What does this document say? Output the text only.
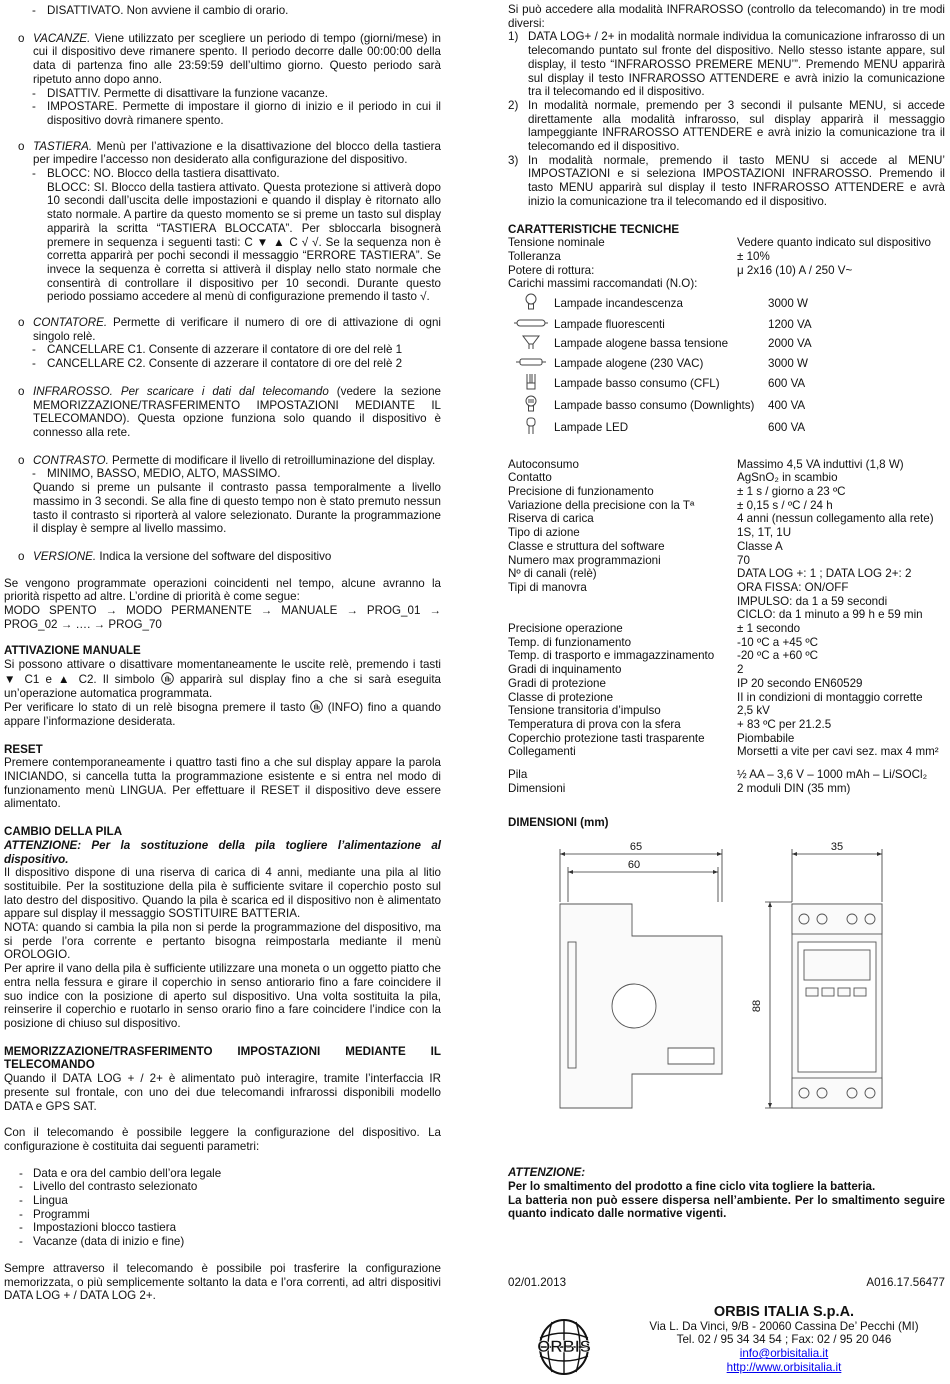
- DISATTIVATO. Non avviene il cambio di orario.
o VACANZE. Viene utilizzato per scegliere un periodo di tempo (giorni/mese) in cui il dispositivo deve rimanere spento. Il periodo decorre dalle 00:00:00 della data di partenza fino alle 23:59:59 dell’ultimo giorno. Questo periodo sarà ripetuto anno dopo anno.
- DISATTIV. Permette di disattivare la funzione vacanze.
- IMPOSTARE. Permette di impostare il giorno di inizio e il periodo in cui il dispositivo dovrà rimanere spento.
o TASTIERA. Menù per l’attivazione e la disattivazione del blocco della tastiera per impedire l’accesso non desiderato alla configurazione del dispositivo.
- BLOCC: NO. Blocco della tastiera disattivato.
BLOCC: SI. Blocco della tastiera attivato. Questa protezione si attiverà dopo 10 secondi dall’uscita delle impostazioni e quando il display è ritornato allo stato normale. A partire da questo momento se si preme un tasto sul display apparirà la scritta “TASTIERA BLOCCATA”. Per sbloccarla bisognerà premere in sequenza i seguenti tasti: C ▼ ▲ C √ √. Se la sequenza non è corretta apparirà per pochi secondi il messaggio “ERRORE TASTIERA”. Se invece la sequenza è corretta si attiverà il display nello stato normale che consentirà di controllare il dispositivo per 10 secondi. Durante questo periodo possiamo accedere al menù di configurazione premendo il tasto √.
o CONTATORE. Permette di verificare il numero di ore di attivazione di ogni singolo relè.
- CANCELLARE C1. Consente di azzerare il contatore di ore del relè 1
- CANCELLARE C2. Consente di azzerare il contatore di ore del relè 2
o INFRAROSSO. Per scaricare i dati dal telecomando (vedere la sezione MEMORIZZAZIONE/TRASFERIMENTO IMPOSTAZIONI MEDIANTE IL TELECOMANDO). Questa opzione funziona solo quando il dispositivo è connesso alla rete.
o CONTRASTO. Permette di modificare il livello di retroilluminazione del display.
- MINIMO, BASSO, MEDIO, ALTO, MASSIMO.
Quando si preme un pulsante il contrasto passa temporalmente a livello massimo in 3 secondi. Se alla fine di questo tempo non è stato premuto nessun tasto il contrasto si riporterà al valore selezionato. Durante la programmazione il display è sempre al livello massimo.
o VERSIONE. Indica la versione del software del dispositivo

Se vengono programmate operazioni coincidenti nel tempo, alcune avranno la priorità rispetto ad altre. L’ordine di priorità è come segue:

MODO SPENTO → MODO PERMANENTE → MANUALE → PROG_01 →

PROG_02 → …. → PROG_70

ATTIVAZIONE MANUALE

Si possono attivare o disattivare momentaneamente le uscite relè, premendo i tasti ▼ C1 e ▲ C2. Il simbolo  apparirà sul display fino a che si sarà eseguita un’operazione automatica programmata.

Per verificare lo stato di un relè bisogna premere il tasto  (INFO) fino a quando appare l’informazione desiderata.

RESET

Premere contemporaneamente i quattro tasti fino a che sul display appare la parola INICIANDO, si cancella tutta la programmazione esistente e si entra nel modo di funzionamento menù LINGUA. Per effettuare il RESET il dispositivo deve essere alimentato.

CAMBIO DELLA PILA

ATTENZIONE: Per la sostituzione della pila togliere l’alimentazione al dispositivo.

Il dispositivo dispone di una riserva di carica di 4 anni, mediante una pila al litio sostituibile. Per la sostituzione della pila è sufficiente svitare il coperchio posto sul lato destro del dispositivo. Quando la pila è scarica ed il dispositivo non è alimentato appare sul display il messaggio SOSTITUIRE BATTERIA.

NOTA: quando si cambia la pila non si perde la programmazione del dispositivo, ma si perde l’ora corrente e pertanto bisogna reimpostarla mediante il menù OROLOGIO.

Per aprire il vano della pila è sufficiente utilizzare una moneta o un oggetto piatto che entra nella fessura e girare il coperchio in senso antiorario fino a fare coincidere il suo indice con la posizione di aperto sul dispositivo. Una volta sostituita la pila, reinserire il coperchio e ruotarlo in senso orario fino a fare coincidere l’indice con la posizione di chiuso sul dispositivo.

MEMORIZZAZIONE/TRASFERIMENTO IMPOSTAZIONI MEDIANTE IL TELECOMANDO

Quando il DATA LOG + / 2+ è alimentato può interagire, tramite l’interfaccia IR presente sul frontale, con uno dei due telecomandi infrarossi disponibili modello DATA e GPS SAT.

Con il telecomando è possibile leggere la configurazione del dispositivo. La configurazione è costituita dai seguenti parametri:

- Data e ora del cambio dell’ora legale
- Livello del contrasto selezionato
- Lingua
- Programmi
- Impostazioni blocco tastiera
- Vacanze (data di inizio e fine)

Sempre attraverso il telecomando è possibile poi trasferire la configurazione memorizzata, o più semplicemente soltanto la data e l’ora correnti, ad altri dispositivi DATA LOG + / DATA LOG 2+.

Si può accedere alla modalità INFRAROSSO (controllo da telecomando) in tre modi diversi:

1) DATA LOG+ / 2+ in modalità normale individua la comunicazione infrarosso di un telecomando puntato sul fronte del dispositivo. Nello stesso istante appare, sul display, il testo “INFRAROSSO PREMERE MENU’”. Premendo MENU apparirà sul display il testo INFRAROSSO ATTENDERE e avrà inizio la comunicazione tra il telecomando ed il dispositivo.
2) In modalità normale, premendo per 3 secondi il pulsante MENU, si accede direttamente alla modalità infrarosso, sul display apparirà il messaggio lampeggiante INFRAROSSO ATTENDERE e avrà inizio la comunicazione tra il telecomando ed il dispositivo.
3) In modalità normale, premendo il tasto MENU si accede al MENU’ IMPOSTAZIONI e si seleziona IMPOSTAZIONI INFRAROSSO. Premendo il tasto MENU apparirà sul display il testo INFRAROSSO ATTENDERE e avrà inizio la comunicazione tra il telecomando ed il dispositivo.

CARATTERISTICHE TECNICHE

Tensione nominale	Vedere quanto indicato sul dispositivo
Tolleranza	± 10%
Potere di rottura:	μ 2x16 (10) A / 250 V~

Carichi massimi raccomandati (N.O):

	Lampade incandescenza	3000 W
	Lampade fluorescenti	1200 VA
	Lampade alogene bassa tensione	2000 VA
	Lampade alogene (230 VAC)	3000 W
	Lampade basso consumo (CFL)	600 VA
	Lampade basso consumo (Downlights)	400 VA
	Lampade LED	600 VA
Autoconsumo	Massimo 4,5 VA induttivi (1,8 W)
Contatto	AgSnO₂ in scambio
Precisione di funzionamento	± 1 s / giorno a 23 ºC
Variazione della precisione con la Tª	± 0,15 s / ºC / 24 h
Riserva di carica	4 anni (nessun collegamento alla rete)
Tipo di azione	1S, 1T, 1U
Classe e struttura del software	Classe A
Numero max programmazioni	70
Nº di canali (relè)	DATA LOG +: 1 ; DATA LOG 2+: 2
Tipi di manovra	ORA FISSA: ON/OFF
	IMPULSO: da 1 a 59 secondi
	CICLO: da 1 minuto a 99 h e 59 min
Precisione operazione	± 1 secondo
Temp. di funzionamento	-10 ºC a +45 ºC
Temp. di trasporto e immagazzinamento	-20 ºC a +60 ºC
Gradi di inquinamento	2
Gradi di protezione	IP 20 secondo EN60529
Classe di protezione	II in condizioni di montaggio corrette
Tensione transitoria d’impulso	2,5 kV
Temperatura di prova con la sfera	+ 83 ºC per 21.2.5
Coperchio protezione tasti trasparente	Piombabile
Collegamenti	Morsetti a vite per cavi sez. max 4 mm²
Pila	½ AA – 3,6 V – 1000 mAh – Li/SOCl₂
Dimensioni	2 moduli DIN (35 mm)

DIMENSIONI (mm)

65
60
35
88

ATTENZIONE:

Per lo smaltimento del prodotto a fine ciclo vita togliere la batteria.

La batteria non può essere dispersa nell’ambiente. Per lo smaltimento seguire quanto indicato dalle normative vigenti.

02/01.2013	A016.17.56477
ORBIS
ORBIS ITALIA S.p.A.
Via L. Da Vinci, 9/B - 20060 Cassina De’ Pecchi (MI)
Tel. 02 / 95 34 34 54 ; Fax: 02 / 95 20 046
info@orbisitalia.it
http://www.orbisitalia.it
